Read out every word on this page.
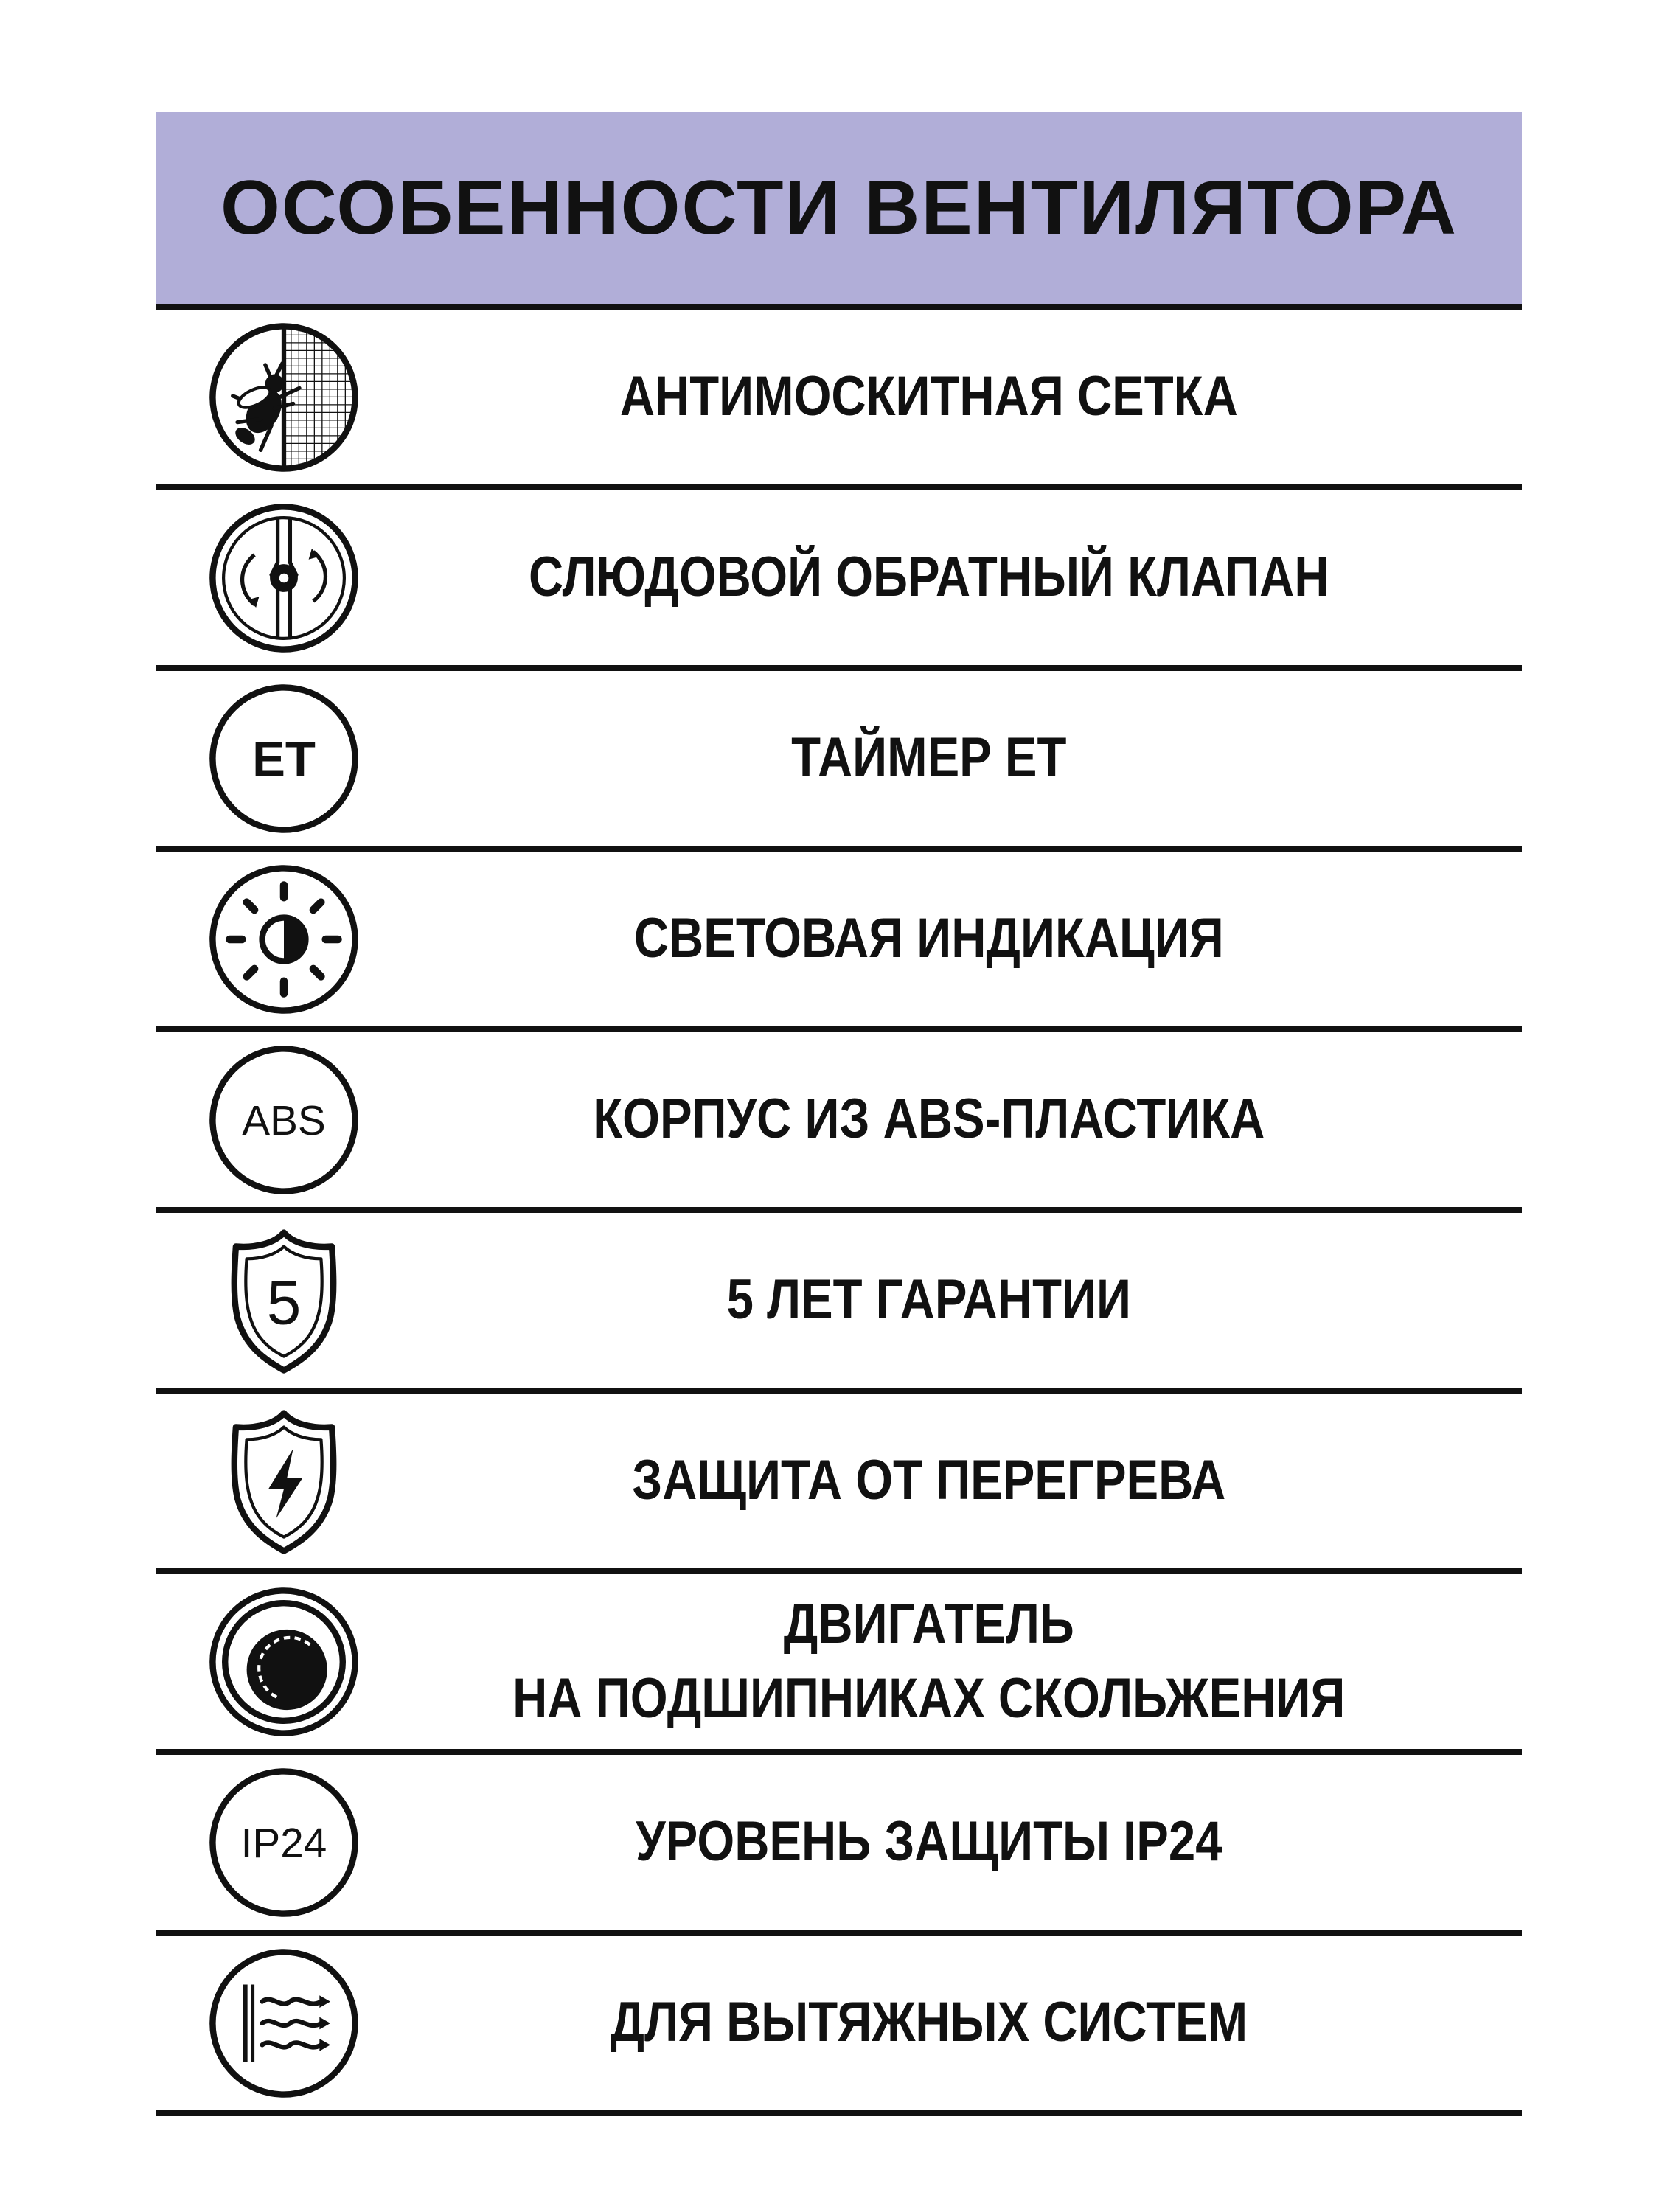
ОСОБЕННОСТИ ВЕНТИЛЯТОРА
АНТИМОСКИТНАЯ СЕТКА
СЛЮДОВОЙ ОБРАТНЫЙ КЛАПАН
ET	ТАЙМЕР ЕТ
СВЕТОВАЯ ИНДИКАЦИЯ
ABS	КОРПУС ИЗ ABS-ПЛАСТИКА
5	5 ЛЕТ ГАРАНТИИ
ЗАЩИТА ОТ ПЕРЕГРЕВА
ДВИГАТЕЛЬ
НА ПОДШИПНИКАХ СКОЛЬЖЕНИЯ
IP24	УРОВЕНЬ ЗАЩИТЫ IP24
ДЛЯ ВЫТЯЖНЫХ СИСТЕМ
